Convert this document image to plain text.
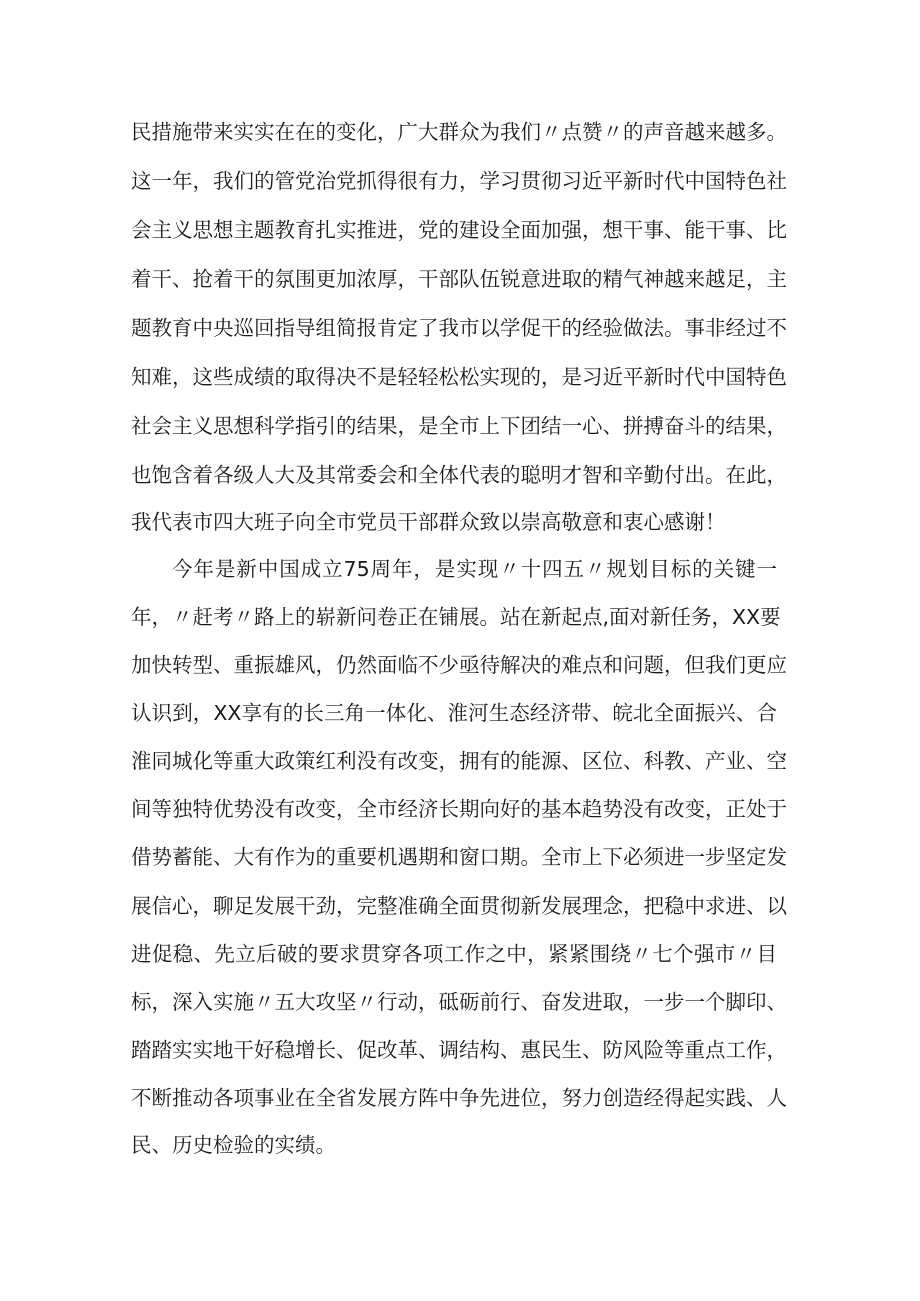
民措施带来实实在在的变化，广大群众为我们〃点赞〃的声音越来越多。
这一年，我们的管党治党抓得很有力，学习贯彻习近平新时代中国特色社
会主义思想主题教育扎实推进，党的建设全面加强，想干事、能干事、比
着干、抢着干的氛围更加浓厚，干部队伍锐意进取的精气神越来越足，主
题教育中央巡回指导组简报肯定了我市以学促干的经验做法。事非经过不
知难，这些成绩的取得决不是轻轻松松实现的，是习近平新时代中国特色
社会主义思想科学指引的结果，是全市上下团结一心、拼搏奋斗的结果，
也饱含着各级人大及其常委会和全体代表的聪明才智和辛勤付出。在此，
我代表市四大班子向全市党员干部群众致以崇高敬意和衷心感谢！
今年是新中国成立75周年，是实现〃十四五〃规划目标的关键一
年，〃赶考〃路上的崭新问卷正在铺展。站在新起点,面对新任务，XX要
加快转型、重振雄风，仍然面临不少亟待解决的难点和问题，但我们更应
认识到，XX享有的长三角一体化、淮河生态经济带、皖北全面振兴、合
淮同城化等重大政策红利没有改变，拥有的能源、区位、科教、产业、空
间等独特优势没有改变，全市经济长期向好的基本趋势没有改变，正处于
借势蓄能、大有作为的重要机遇期和窗口期。全市上下必须进一步坚定发
展信心，聊足发展干劲，完整准确全面贯彻新发展理念，把稳中求进、以
进促稳、先立后破的要求贯穿各项工作之中，紧紧围绕〃七个强市〃目
标，深入实施〃五大攻坚〃行动，砥砺前行、奋发进取，一步一个脚印、
踏踏实实地干好稳增长、促改革、调结构、惠民生、防风险等重点工作，
不断推动各项事业在全省发展方阵中争先进位，努力创造经得起实践、人
民、历史检验的实绩。
